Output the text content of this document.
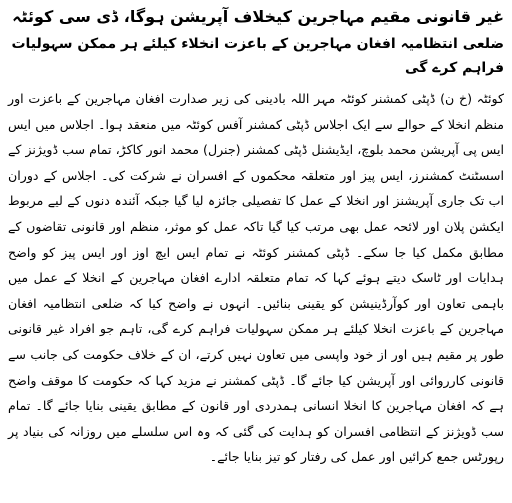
غیر قانونی مقیم مہاجرین کیخلاف آپریشن ہوگا، ڈی سی کوئٹہ
ضلعی انتظامیہ افغان مہاجرین کے باعزت انخلاء کیلئے ہر ممکن سہولیات فراہم کرے گی

کوئٹہ (خ ن) ڈپٹی کمشنر کوئٹہ مہر اللہ بادینی کی زیر صدارت افغان مہاجرین کے باعزت اور منظم انخلا کے حوالے سے ایک اجلاس ڈپٹی کمشنر آفس کوئٹہ میں منعقد ہوا۔ اجلاس میں ایس ایس پی آپریشن محمد بلوچ، ایڈیشنل ڈپٹی کمشنر (جنرل) محمد انور کاکڑ، تمام سب ڈویژنز کے اسسٹنٹ کمشنرز، ایس پیز اور متعلقہ محکموں کے افسران نے شرکت کی۔ اجلاس کے دوران اب تک جاری آپریشنز اور انخلا کے عمل کا تفصیلی جائزہ لیا گیا جبکہ آئندہ دنوں کے لیے مربوط ایکشن پلان اور لائحہ عمل بھی مرتب کیا گیا تاکہ عمل کو موثر، منظم اور قانونی تقاضوں کے مطابق مکمل کیا جا سکے۔ ڈپٹی کمشنر کوئٹہ نے تمام ایس ایچ اوز اور ایس پیز کو واضح ہدایات اور ٹاسک دیتے ہوئے کہا کہ تمام متعلقہ ادارے افغان مہاجرین کے انخلا کے عمل میں باہمی تعاون اور کوآرڈینیشن کو یقینی بنائیں۔ انہوں نے واضح کیا کہ ضلعی انتظامیہ افغان مہاجرین کے باعزت انخلا کیلئے ہر ممکن سہولیات فراہم کرے گی، تاہم جو افراد غیر قانونی طور پر مقیم ہیں اور از خود واپسی میں تعاون نہیں کرتے، ان کے خلاف حکومت کی جانب سے قانونی کارروائی اور آپریشن کیا جائے گا۔ ڈپٹی کمشنر نے مزید کہا کہ حکومت کا موقف واضح ہے کہ افغان مہاجرین کا انخلا انسانی ہمدردی اور قانون کے مطابق یقینی بنایا جائے گا۔ تمام سب ڈویژنز کے انتظامی افسران کو ہدایت کی گئی کہ وہ اس سلسلے میں روزانہ کی بنیاد پر رپورٹس جمع کرائیں اور عمل کی رفتار کو تیز بنایا جائے۔
